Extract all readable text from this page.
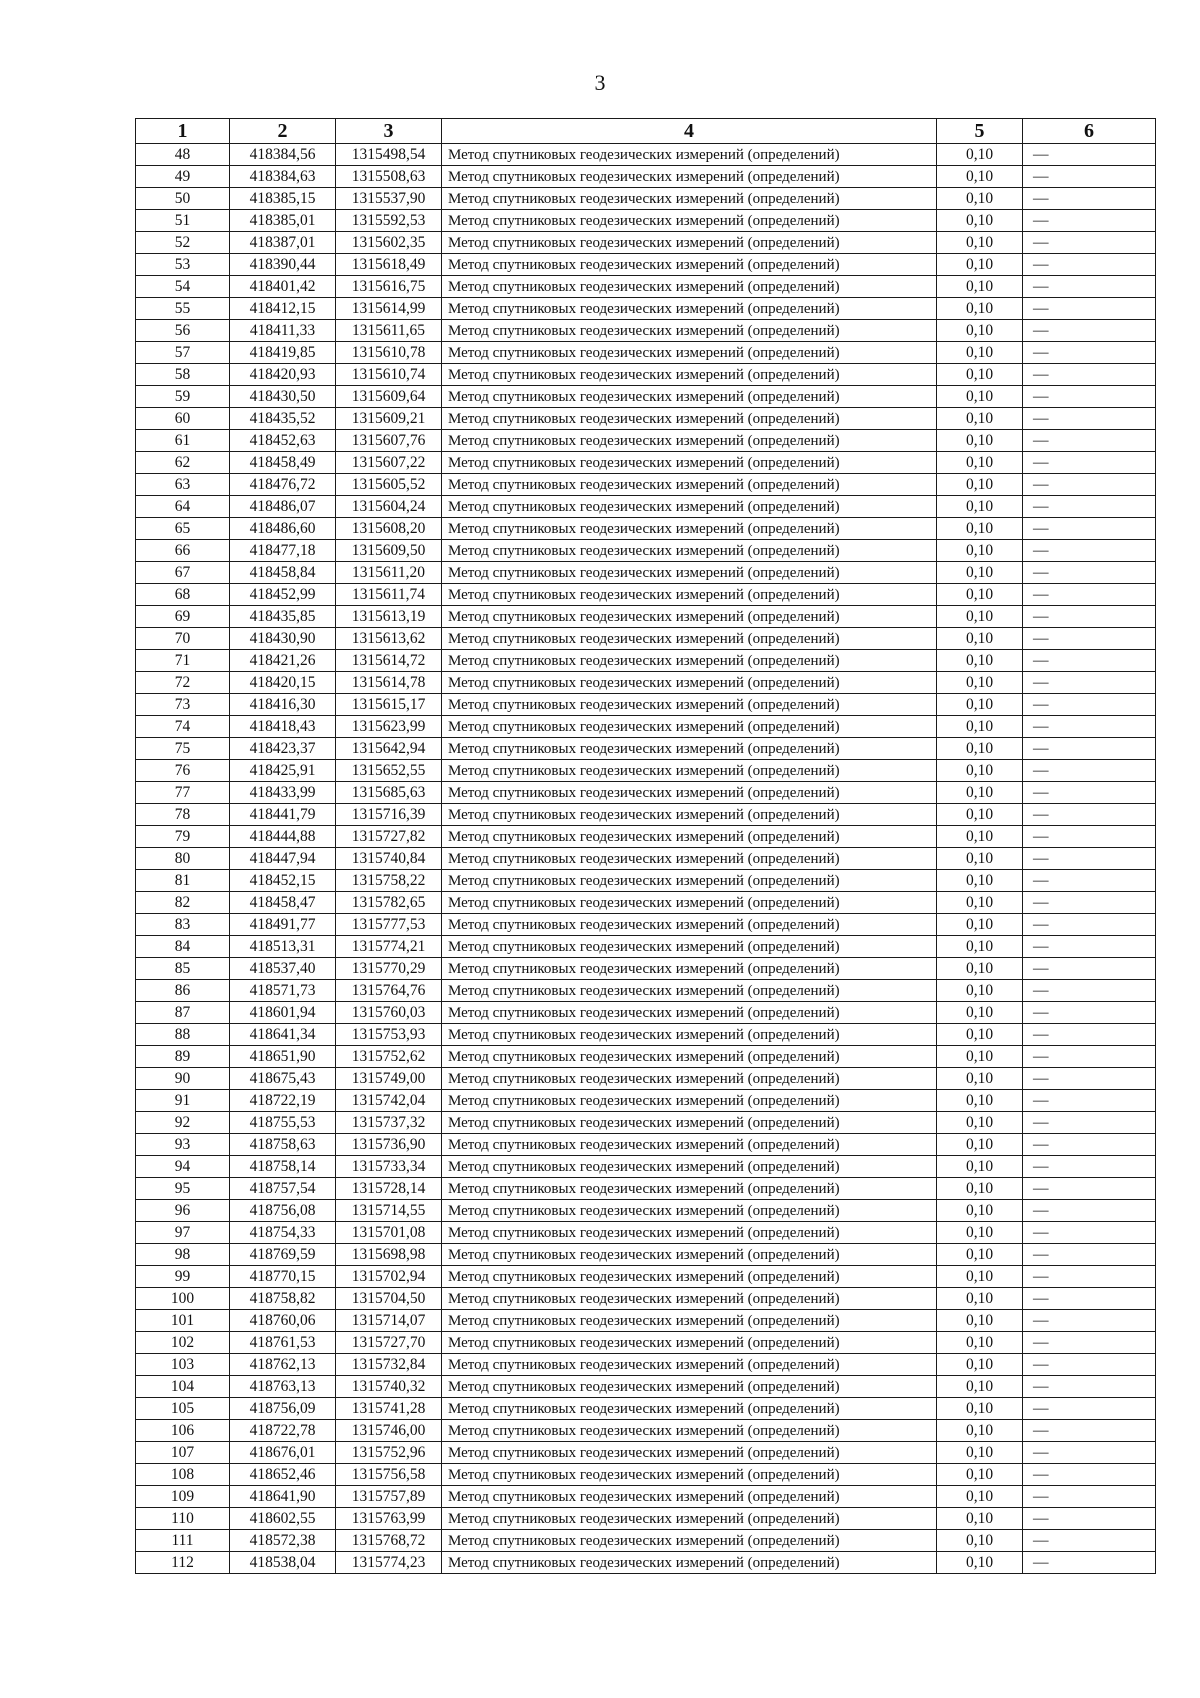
3
1	2	3	4	5	6
48	418384,56	1315498,54	Метод спутниковых геодезических измерений (определений)	0,10	—
49	418384,63	1315508,63	Метод спутниковых геодезических измерений (определений)	0,10	—
50	418385,15	1315537,90	Метод спутниковых геодезических измерений (определений)	0,10	—
51	418385,01	1315592,53	Метод спутниковых геодезических измерений (определений)	0,10	—
52	418387,01	1315602,35	Метод спутниковых геодезических измерений (определений)	0,10	—
53	418390,44	1315618,49	Метод спутниковых геодезических измерений (определений)	0,10	—
54	418401,42	1315616,75	Метод спутниковых геодезических измерений (определений)	0,10	—
55	418412,15	1315614,99	Метод спутниковых геодезических измерений (определений)	0,10	—
56	418411,33	1315611,65	Метод спутниковых геодезических измерений (определений)	0,10	—
57	418419,85	1315610,78	Метод спутниковых геодезических измерений (определений)	0,10	—
58	418420,93	1315610,74	Метод спутниковых геодезических измерений (определений)	0,10	—
59	418430,50	1315609,64	Метод спутниковых геодезических измерений (определений)	0,10	—
60	418435,52	1315609,21	Метод спутниковых геодезических измерений (определений)	0,10	—
61	418452,63	1315607,76	Метод спутниковых геодезических измерений (определений)	0,10	—
62	418458,49	1315607,22	Метод спутниковых геодезических измерений (определений)	0,10	—
63	418476,72	1315605,52	Метод спутниковых геодезических измерений (определений)	0,10	—
64	418486,07	1315604,24	Метод спутниковых геодезических измерений (определений)	0,10	—
65	418486,60	1315608,20	Метод спутниковых геодезических измерений (определений)	0,10	—
66	418477,18	1315609,50	Метод спутниковых геодезических измерений (определений)	0,10	—
67	418458,84	1315611,20	Метод спутниковых геодезических измерений (определений)	0,10	—
68	418452,99	1315611,74	Метод спутниковых геодезических измерений (определений)	0,10	—
69	418435,85	1315613,19	Метод спутниковых геодезических измерений (определений)	0,10	—
70	418430,90	1315613,62	Метод спутниковых геодезических измерений (определений)	0,10	—
71	418421,26	1315614,72	Метод спутниковых геодезических измерений (определений)	0,10	—
72	418420,15	1315614,78	Метод спутниковых геодезических измерений (определений)	0,10	—
73	418416,30	1315615,17	Метод спутниковых геодезических измерений (определений)	0,10	—
74	418418,43	1315623,99	Метод спутниковых геодезических измерений (определений)	0,10	—
75	418423,37	1315642,94	Метод спутниковых геодезических измерений (определений)	0,10	—
76	418425,91	1315652,55	Метод спутниковых геодезических измерений (определений)	0,10	—
77	418433,99	1315685,63	Метод спутниковых геодезических измерений (определений)	0,10	—
78	418441,79	1315716,39	Метод спутниковых геодезических измерений (определений)	0,10	—
79	418444,88	1315727,82	Метод спутниковых геодезических измерений (определений)	0,10	—
80	418447,94	1315740,84	Метод спутниковых геодезических измерений (определений)	0,10	—
81	418452,15	1315758,22	Метод спутниковых геодезических измерений (определений)	0,10	—
82	418458,47	1315782,65	Метод спутниковых геодезических измерений (определений)	0,10	—
83	418491,77	1315777,53	Метод спутниковых геодезических измерений (определений)	0,10	—
84	418513,31	1315774,21	Метод спутниковых геодезических измерений (определений)	0,10	—
85	418537,40	1315770,29	Метод спутниковых геодезических измерений (определений)	0,10	—
86	418571,73	1315764,76	Метод спутниковых геодезических измерений (определений)	0,10	—
87	418601,94	1315760,03	Метод спутниковых геодезических измерений (определений)	0,10	—
88	418641,34	1315753,93	Метод спутниковых геодезических измерений (определений)	0,10	—
89	418651,90	1315752,62	Метод спутниковых геодезических измерений (определений)	0,10	—
90	418675,43	1315749,00	Метод спутниковых геодезических измерений (определений)	0,10	—
91	418722,19	1315742,04	Метод спутниковых геодезических измерений (определений)	0,10	—
92	418755,53	1315737,32	Метод спутниковых геодезических измерений (определений)	0,10	—
93	418758,63	1315736,90	Метод спутниковых геодезических измерений (определений)	0,10	—
94	418758,14	1315733,34	Метод спутниковых геодезических измерений (определений)	0,10	—
95	418757,54	1315728,14	Метод спутниковых геодезических измерений (определений)	0,10	—
96	418756,08	1315714,55	Метод спутниковых геодезических измерений (определений)	0,10	—
97	418754,33	1315701,08	Метод спутниковых геодезических измерений (определений)	0,10	—
98	418769,59	1315698,98	Метод спутниковых геодезических измерений (определений)	0,10	—
99	418770,15	1315702,94	Метод спутниковых геодезических измерений (определений)	0,10	—
100	418758,82	1315704,50	Метод спутниковых геодезических измерений (определений)	0,10	—
101	418760,06	1315714,07	Метод спутниковых геодезических измерений (определений)	0,10	—
102	418761,53	1315727,70	Метод спутниковых геодезических измерений (определений)	0,10	—
103	418762,13	1315732,84	Метод спутниковых геодезических измерений (определений)	0,10	—
104	418763,13	1315740,32	Метод спутниковых геодезических измерений (определений)	0,10	—
105	418756,09	1315741,28	Метод спутниковых геодезических измерений (определений)	0,10	—
106	418722,78	1315746,00	Метод спутниковых геодезических измерений (определений)	0,10	—
107	418676,01	1315752,96	Метод спутниковых геодезических измерений (определений)	0,10	—
108	418652,46	1315756,58	Метод спутниковых геодезических измерений (определений)	0,10	—
109	418641,90	1315757,89	Метод спутниковых геодезических измерений (определений)	0,10	—
110	418602,55	1315763,99	Метод спутниковых геодезических измерений (определений)	0,10	—
111	418572,38	1315768,72	Метод спутниковых геодезических измерений (определений)	0,10	—
112	418538,04	1315774,23	Метод спутниковых геодезических измерений (определений)	0,10	—
